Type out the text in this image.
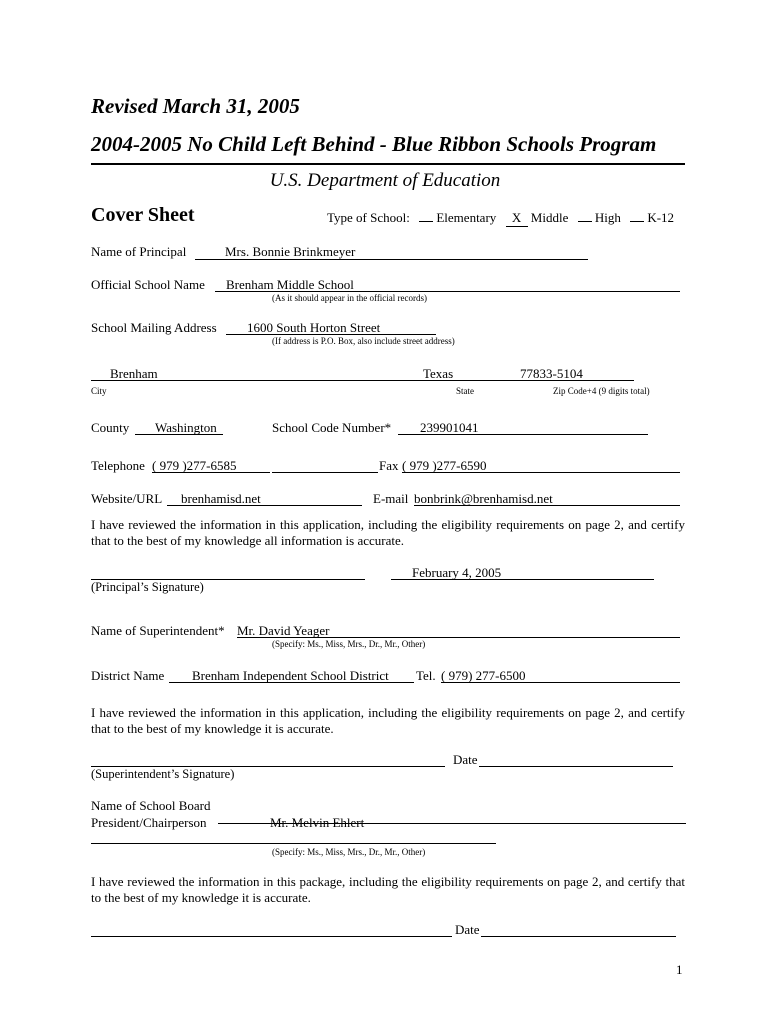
Revised March 31, 2005
2004-2005 No Child Left Behind - Blue Ribbon Schools Program
U.S. Department of Education
Cover Sheet	Type of School: Elementary X Middle High K-12
Name of Principal	Mrs. Bonnie Brinkmeyer
Official School Name Brenham Middle School
(As it should appear in the official records)
School Mailing Address 1600 South Horton Street
(If address is P.O. Box, also include street address)
Brenham	Texas	77833-5104
City	State	Zip Code+4 (9 digits total)
County Washington	School Code Number* 239901041
Telephone ( 979 )277-6585	Fax ( 979 )277-6590
Website/URL brenhamisd.net	E-mail bonbrink@brenhamisd.net
I have reviewed the information in this application, including the eligibility requirements on page 2, and certify that to the best of my knowledge all information is accurate.
February 4, 2005
(Principal’s Signature)
Name of Superintendent* Mr. David Yeager
(Specify: Ms., Miss, Mrs., Dr., Mr., Other)
District Name Brenham Independent School District Tel. ( 979) 277-6500
I have reviewed the information in this application, including the eligibility requirements on page 2, and certify that to the best of my knowledge it is accurate.
Date
(Superintendent’s Signature)
Name of School Board
President/Chairperson	Mr. Melvin Ehlert
(Specify: Ms., Miss, Mrs., Dr., Mr., Other)
I have reviewed the information in this package, including the eligibility requirements on page 2, and certify that to the best of my knowledge it is accurate.
Date
1
